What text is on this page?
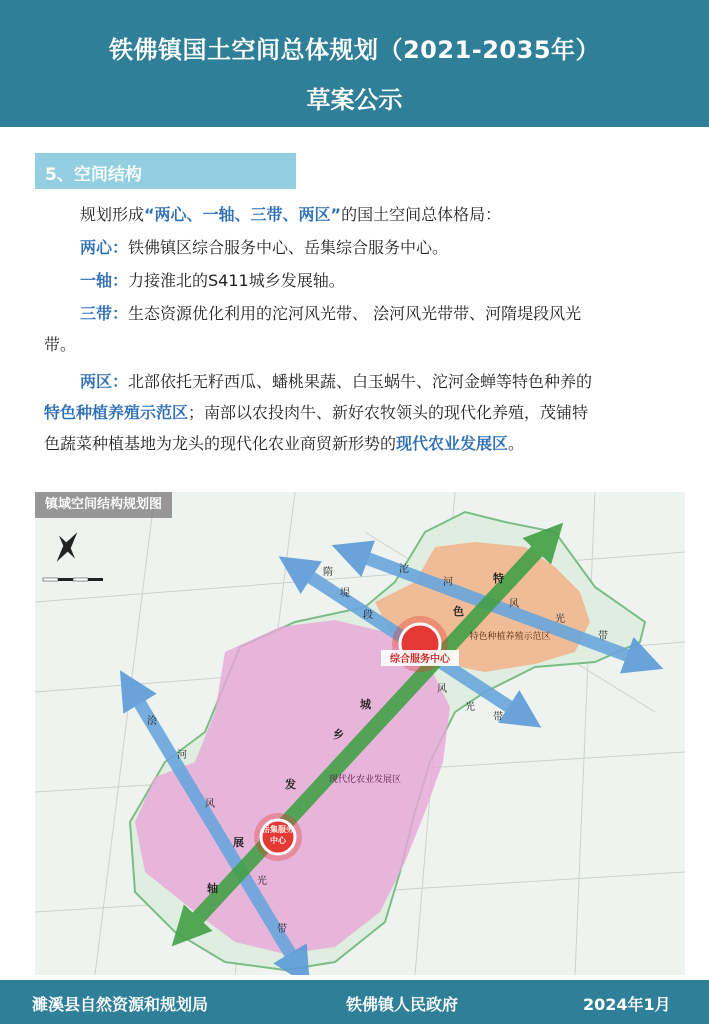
铁佛镇国土空间总体规划（2021-2035年）
草案公示
5、空间结构
规划形成“两心、一轴、三带、两区”的国土空间总体格局：
两心：铁佛镇区综合服务中心、岳集综合服务中心。
一轴：力接淮北的S411城乡发展轴。
三带：生态资源优化利用的沱河风光带、 浍河风光带带、河隋堤段风光
带。
两区：北部依托无籽西瓜、蟠桃果蔬、白玉蜗牛、沱河金蝉等特色种养的
特色种植养殖示范区；南部以农投肉牛、新好农牧领头的现代化养殖，茂铺特
色蔬菜种植基地为龙头的现代化农业商贸新形势的现代农业发展区。
综合服务中心
岳集服务
中心
特色种植养殖示范区
现代化农业发展区
特
色
城
乡
发
展
轴
沱
河
风
光
带
隋
堤
段
风
光
带
浍
河
风
光
带
镇域空间结构规划图
濉溪县自然资源和规划局	铁佛镇人民政府	2024年1月
